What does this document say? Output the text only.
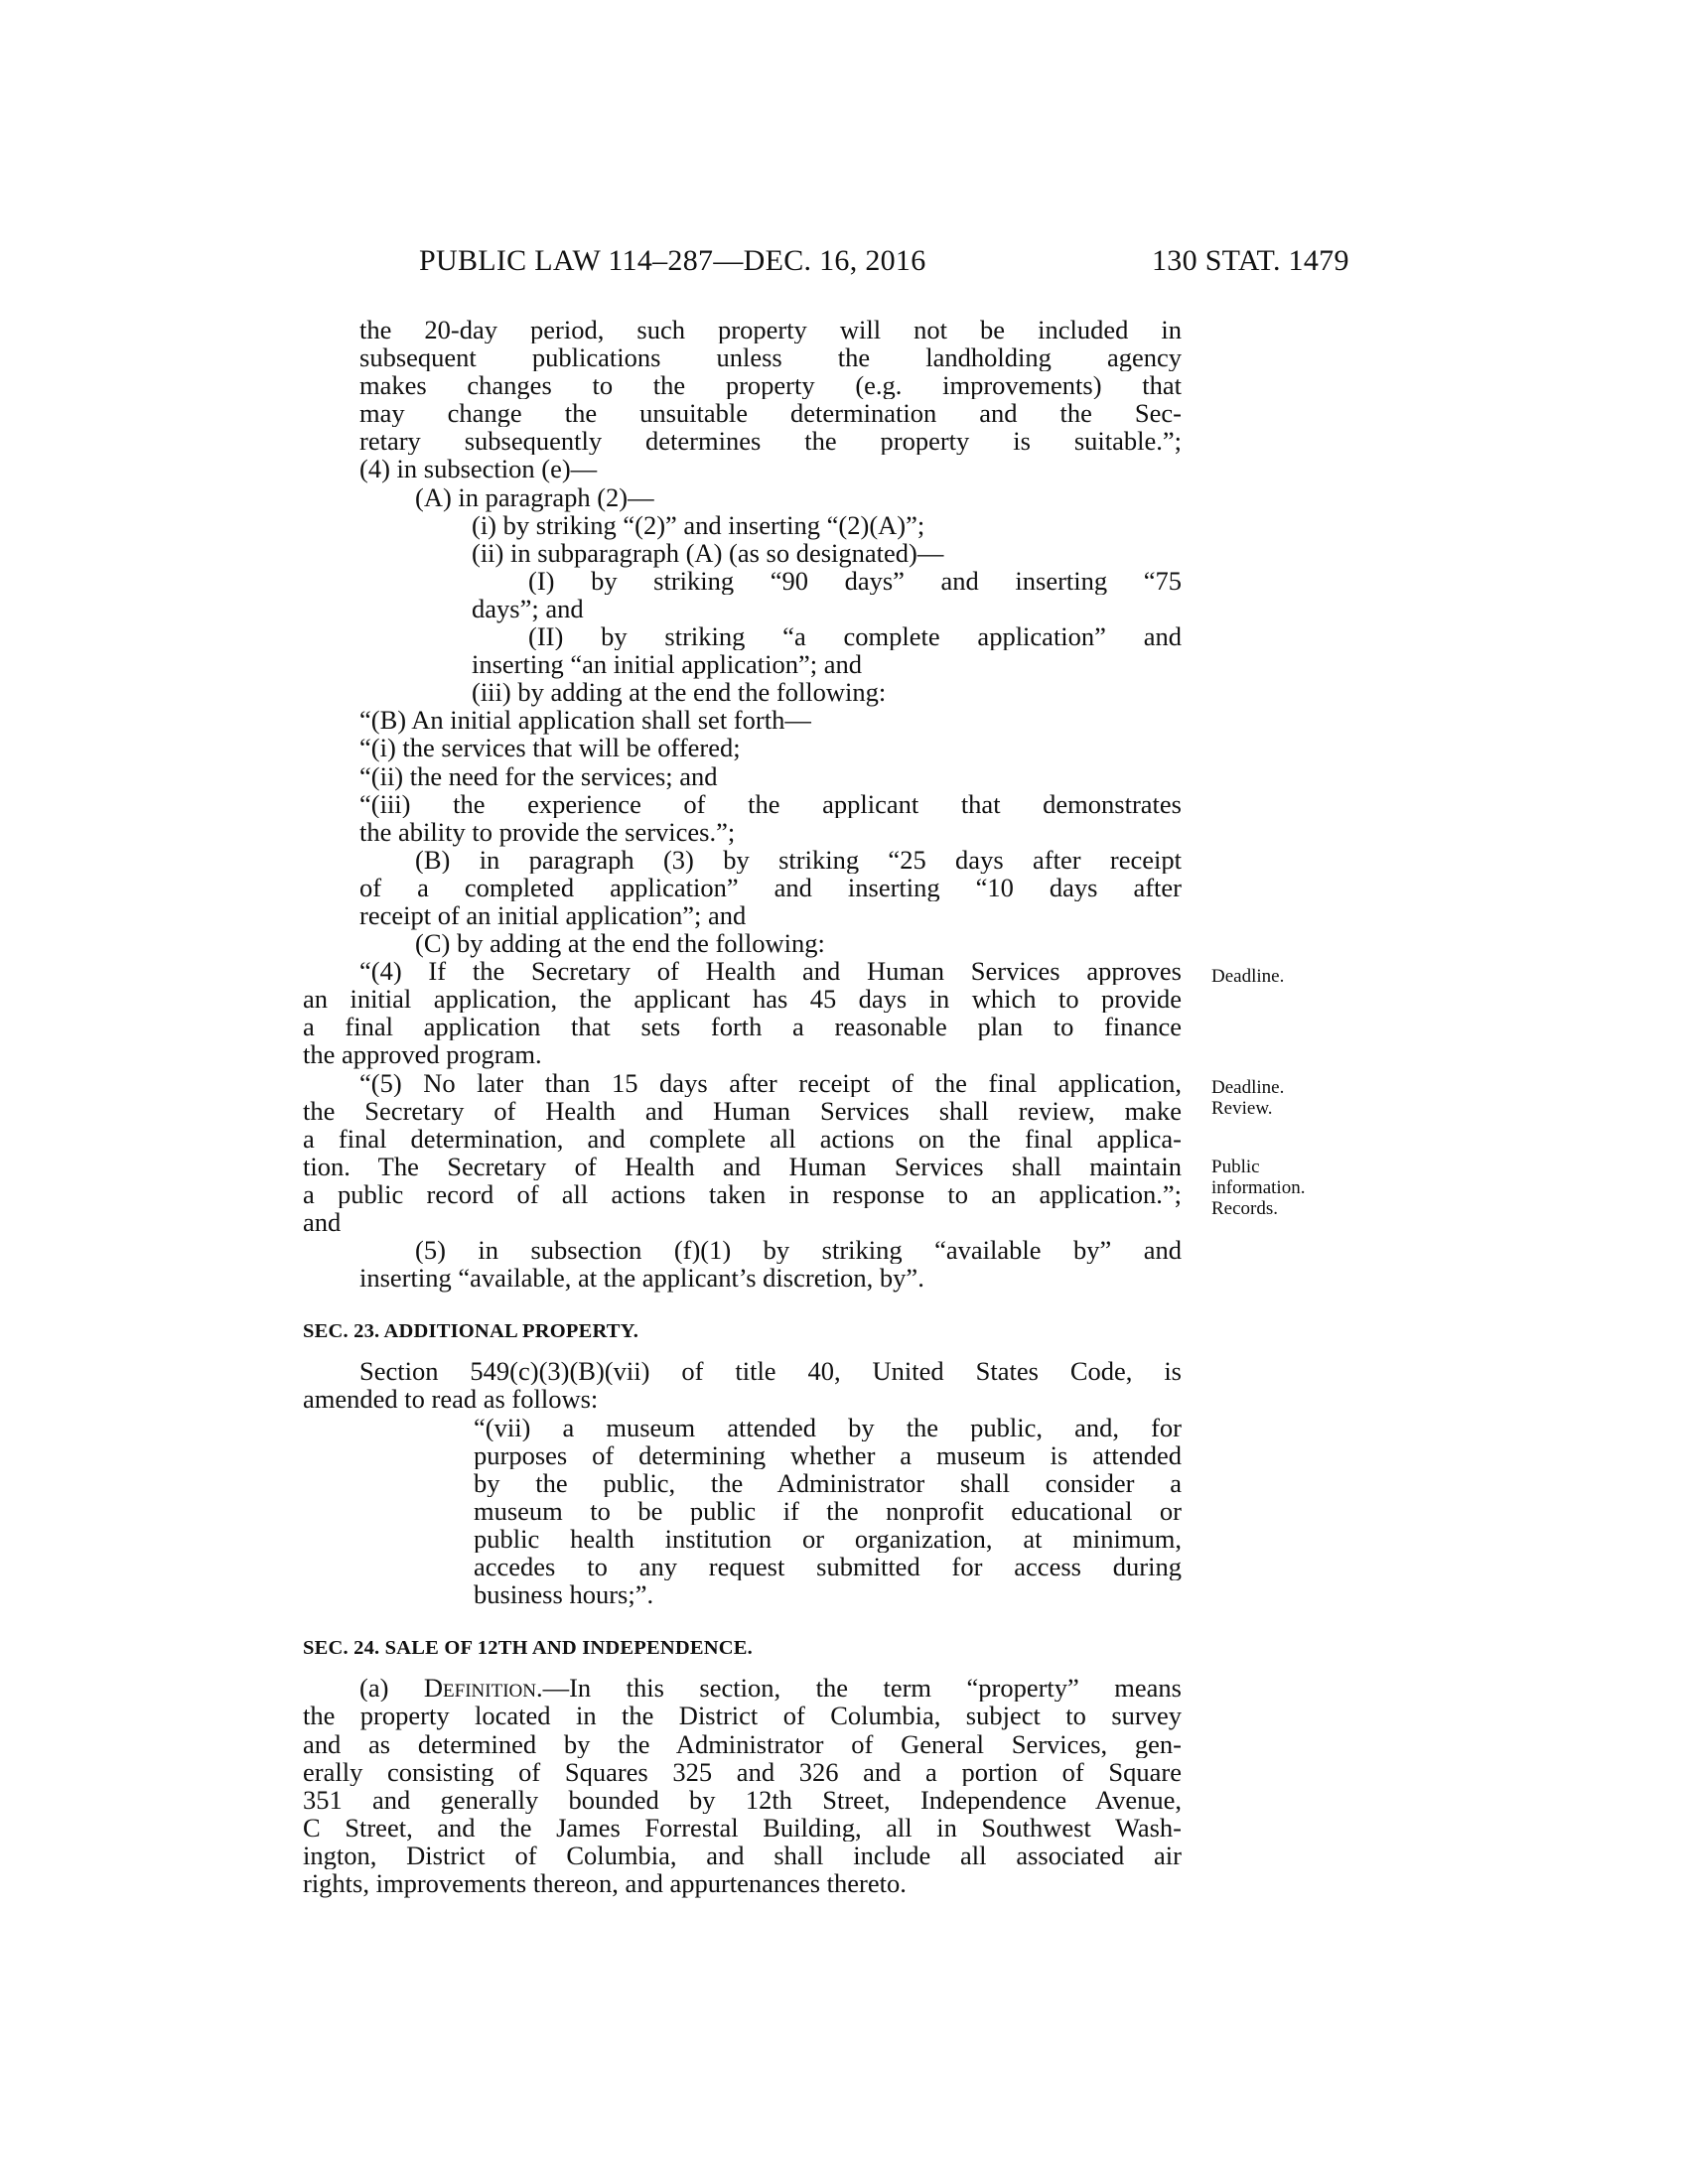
PUBLIC LAW 114–287—DEC. 16, 2016	130 STAT. 1479
the 20-day period, such property will not be included in
subsequent publications unless the landholding agency
makes changes to the property (e.g. improvements) that
may change the unsuitable determination and the Sec-
retary subsequently determines the property is suitable.”;
(4) in subsection (e)—
(A) in paragraph (2)—
(i) by striking “(2)” and inserting “(2)(A)”;
(ii) in subparagraph (A) (as so designated)—
(I) by striking “90 days” and inserting “75
days”; and
(II) by striking “a complete application” and
inserting “an initial application”; and
(iii) by adding at the end the following:
“(B) An initial application shall set forth—
“(i) the services that will be offered;
“(ii) the need for the services; and
“(iii) the experience of the applicant that demonstrates
the ability to provide the services.”;
(B) in paragraph (3) by striking “25 days after receipt
of a completed application” and inserting “10 days after
receipt of an initial application”; and
(C) by adding at the end the following:
“(4) If the Secretary of Health and Human Services approves
an initial application, the applicant has 45 days in which to provide
a final application that sets forth a reasonable plan to finance
the approved program.
“(5) No later than 15 days after receipt of the final application,
the Secretary of Health and Human Services shall review, make
a final determination, and complete all actions on the final applica-
tion. The Secretary of Health and Human Services shall maintain
a public record of all actions taken in response to an application.”;
and
(5) in subsection (f)(1) by striking “available by” and
inserting “available, at the applicant’s discretion, by”.
SEC. 23. ADDITIONAL PROPERTY.
Section 549(c)(3)(B)(vii) of title 40, United States Code, is
amended to read as follows:
“(vii) a museum attended by the public, and, for
purposes of determining whether a museum is attended
by the public, the Administrator shall consider a
museum to be public if the nonprofit educational or
public health institution or organization, at minimum,
accedes to any request submitted for access during
business hours;”.
SEC. 24. SALE OF 12TH AND INDEPENDENCE.
(a) Definition.—In this section, the term “property” means
the property located in the District of Columbia, subject to survey
and as determined by the Administrator of General Services, gen-
erally consisting of Squares 325 and 326 and a portion of Square
351 and generally bounded by 12th Street, Independence Avenue,
C Street, and the James Forrestal Building, all in Southwest Wash-
ington, District of Columbia, and shall include all associated air
rights, improvements thereon, and appurtenances thereto.
Deadline.
Deadline.
Review.
Public
information.
Records.
